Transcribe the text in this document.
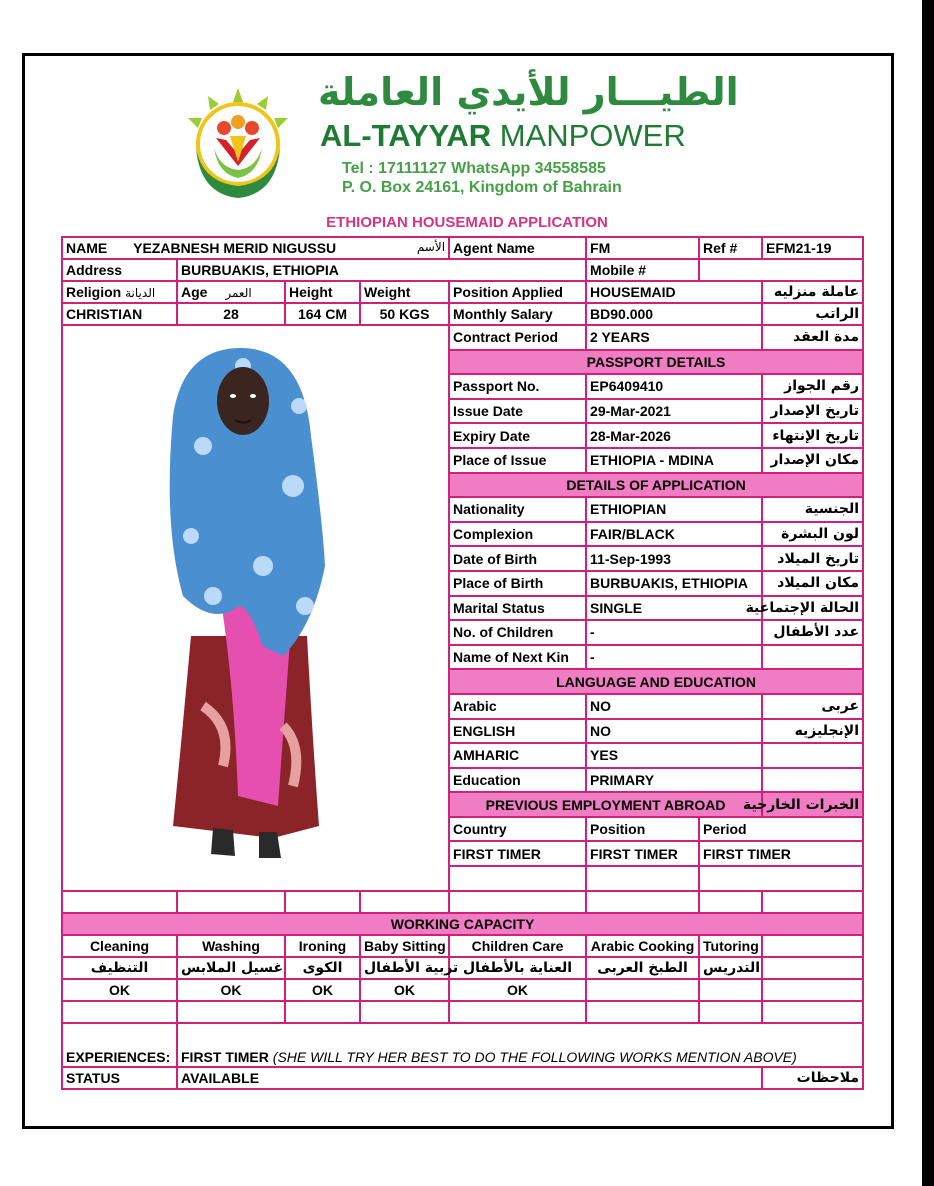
الطيـــار للأيدي العاملة
AL-TAYYAR MANPOWER
Tel : 17111127 WhatsApp 34558585
P. O. Box 24161, Kingdom of Bahrain
ETHIOPIAN HOUSEMAID APPLICATION
NAME YEZABNESH MERID NIGUSSU الأسم				Agent Name	FM	Ref #	EFM21-19
Address	BURBUAKIS, ETHIOPIA				Mobile #		
Religion الديانة	Age العمر	Height	Weight	Position Applied	HOUSEMAID		عاملة منزليه
CHRISTIAN	28	164 CM	50 KGS	Monthly Salary	BD90.000		الراتب
	Contract Period	2 YEARS		مدة العقد
				PASSPORT DETAILS			
				Passport No.	EP6409410		رقم الجواز
				Issue Date	29-Mar-2021		تاريخ الإصدار
				Expiry Date	28-Mar-2026		تاريخ الإنتهاء
				Place of Issue	ETHIOPIA - MDINA		مكان الإصدار
				DETAILS OF APPLICATION			
				Nationality	ETHIOPIAN		الجنسية
				Complexion	FAIR/BLACK		لون البشرة
				Date of Birth	11-Sep-1993		تاريخ الميلاد
				Place of Birth	BURBUAKIS, ETHIOPIA		مكان الميلاد
				Marital Status	SINGLE		الحالة الإجتماعية
				No. of Children	-		عدد الأطفال
				Name of Next Kin	-		
				LANGUAGE AND EDUCATION			
				Arabic	NO		عربى
				ENGLISH	NO		الإنجليزيه
				AMHARIC	YES		
				Education	PRIMARY		
				PREVIOUS EMPLOYMENT ABROAD			الخبرات الخارجية
				Country	Position	Period	
				FIRST TIMER	FIRST TIMER	FIRST TIMER	

WORKING CAPACITY							
Cleaning	Washing	Ironing	Baby Sitting	Children Care	Arabic Cooking	Tutoring	
التنظيف	غسيل الملابس	الكوى	تربية الأطفال	العناية بالأطفال	الطبخ العربى	التدريس	
OK	OK	OK	OK	OK			

EXPERIENCES:	FIRST TIMER (SHE WILL TRY HER BEST TO DO THE FOLLOWING WORKS MENTION ABOVE)						
STATUS	AVAILABLE						ملاحظات
